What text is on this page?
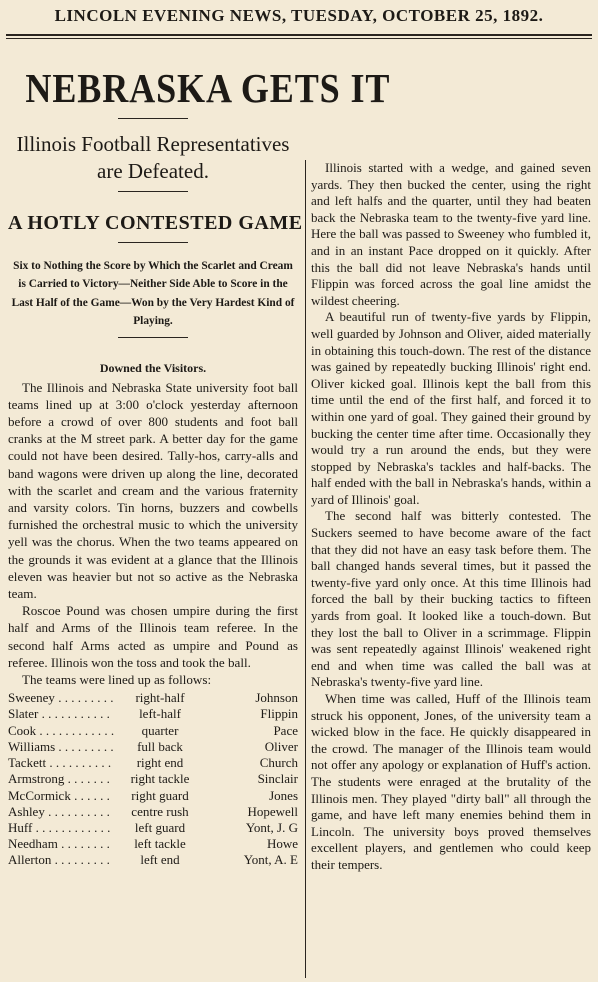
LINCOLN EVENING NEWS, TUESDAY, OCTOBER 25, 1892.
NEBRASKA GETS IT
Illinois Football Representatives are Defeated.
A HOTLY CONTESTED GAME
Six to Nothing the Score by Which the Scarlet and Cream is Carried to Victory—Neither Side Able to Score in the Last Half of the Game—Won by the Very Hardest Kind of Playing.
Downed the Visitors.

The Illinois and Nebraska State university foot ball teams lined up at 3:00 o'clock yesterday afternoon before a crowd of over 800 students and foot ball cranks at the M street park. A better day for the game could not have been desired. Tally-hos, carry-alls and band wagons were driven up along the line, decorated with the scarlet and cream and the various fraternity and varsity colors. Tin horns, buzzers and cowbells furnished the orchestral music to which the university yell was the chorus. When the two teams appeared on the grounds it was evident at a glance that the Illinois eleven was heavier but not so active as the Nebraska team.

Roscoe Pound was chosen umpire during the first half and Arms of the Illinois team referee. In the second half Arms acted as umpire and Pound as referee. Illinois won the toss and took the ball.

The teams were lined up as follows:

Sweeney . . .	right-half	Johnson
Slater . . .	left-half	Flippin
Cook . . .	quarter	Pace
Williams . . .	full back	Oliver
Tackett . . .	right end	Church
Armstrong . . .	right tackle	Sinclair
McCormick . . .	right guard	Jones
Ashley . . .	centre rush	Hopewell
Huff . . .	left guard	Yont, J. G
Needham . . .	left tackle	Howe
Allerton . . .	left end	Yont, A. E

Illinois started with a wedge, and gained seven yards. They then bucked the center, using the right and left halfs and the quarter, until they had beaten back the Nebraska team to the twenty-five yard line. Here the ball was passed to Sweeney who fumbled it, and in an instant Pace dropped on it quickly. After this the ball did not leave Nebraska's hands until Flippin was forced across the goal line amidst the wildest cheering.

A beautiful run of twenty-five yards by Flippin, well guarded by Johnson and Oliver, aided materially in obtaining this touch-down. The rest of the distance was gained by repeatedly bucking Illinois' right end. Oliver kicked goal. Illinois kept the ball from this time until the end of the first half, and forced it to within one yard of goal. They gained their ground by bucking the center time after time. Occasionally they would try a run around the ends, but they were stopped by Nebraska's tackles and half-backs. The half ended with the ball in Nebraska's hands, within a yard of Illinois' goal.

The second half was bitterly contested. The Suckers seemed to have become aware of the fact that they did not have an easy task before them. The ball changed hands several times, but it passed the twenty-five yard only once. At this time Illinois had forced the ball by their bucking tactics to fifteen yards from goal. It looked like a touch-down. But they lost the ball to Oliver in a scrimmage. Flippin was sent repeatedly against Illinois' weakened right end and when time was called the ball was at Nebraska's twenty-five yard line.

When time was called, Huff of the Illinois team struck his opponent, Jones, of the university team a wicked blow in the face. He quickly disappeared in the crowd. The manager of the Illinois team would not offer any apology or explanation of Huff's action. The students were enraged at the brutality of the Illinois men. They played "dirty ball" all through the game, and have left many enemies behind them in Lincoln. The university boys proved themselves excellent players, and gentlemen who could keep their tempers.
